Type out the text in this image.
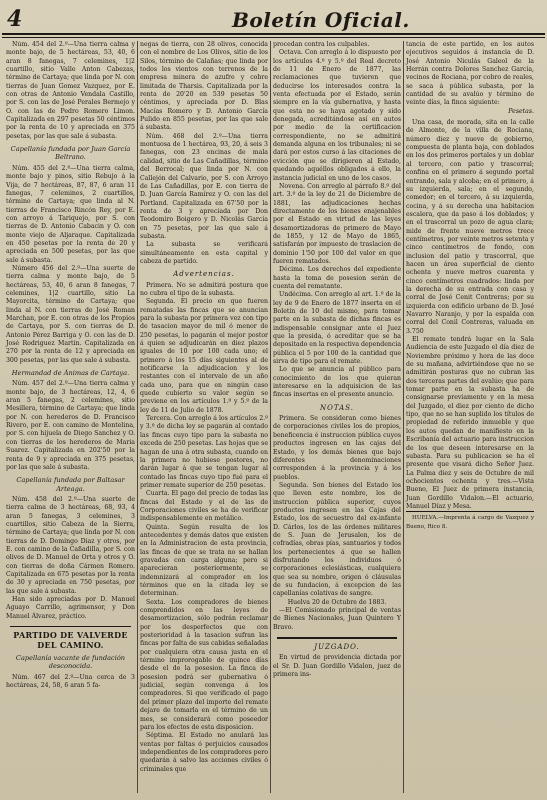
4	Boletín Oficial.

Núm. 454 del 2.º—Una tierra calma y monte bajo, de 5 hectáreas, 53, 40, 6 aran 8 fanegas, 7 celemines, 1|2 cuartillo, sitio Valle Anton Cabezas, término de Cartaya; que linda por N. con tierras de Juan Gomez Vazquez, por E. con otras de Antonio Vendala Castillo, por S. con las de José Perales Bermejo y O. con las de Pedro Romero Limon. Capitalizada en 297 pesetas 50 céntimos por la renta de 10 y apreciada en 375 pesetas, por las que sale á subasta.

Capellanía fundada por Juan García Beltrano.

Núm. 455 del 2.º—Una tierra calma, monte bajo y pinos, sitio Rebujo á la Vija, de 7 hectáreas, 87, 87, 6 aran 11 fanegas, 7 celemines, 2 cuartillos, término de Cartaya; que linda al N. tierras de Francisco Rincón Rey, por E. con arroyo á Tariquejo, por S. con tierras de D. Antonio Cabacin y O. con monte viejo de Aljaraque. Capitalizada en 450 pesetas por la renta de 20 y apreciada en 500 pesetas, por las que sale á subasta.

Número 456 del 2.º—Una suerte de tierra calma y monte bajo, de 5 hectáreas, 53, 40, 6 aran 8 fanegas, 7 celemines, 1|2 cuartillo, sitio La Mayorcita, término de Cartaya; que linda al N. con tierras de José Roman Marchan, por E. con otras de los Propios de Cartaya, por S. con tierras de D. Antonio Pérez Barriga y O. con las de D. José Rodriguez Martin. Capitalizada en 270 por la renta de 12 y apreciada en 300 pesetas, por las que sale á subasta.

Hermandad de Ánimas de Cartaya.

Núm. 457 del 2.º—Una tierra calma y monte bajo, de 3 hectáreas, 12, 4, 6 aran 5 fanegas, 2 celemines, sitio Mesillera, término de Cartaya; que linda por N. con herederos de D. Francisco Rivero, por E. con camino de Montelina, por S. con hijuela de Diego Sanchez y O. con tierras de los herederos de Maria Suarez. Capitalizada en 202'50 por la renta de 9 y apreciada en 375 pesetas, por las que sale á subasta.

Capellanía fundada por Baltasar Arteaga.

Núm. 458 del 2.º—Una suerte de tierra calma de 3 hectáreas, 68, 93, 4 aran 5 fanegas, 3 celemines, 3 cuartillos, sitio Cabeza de la Sierra, término de Cartaya; que linda por N. con tierras de D. Domingo Diaz y otros, por E. con camino de la Cañadilla, por S. con olivos de D. Manuel de Orta y otros y O. con tierras de doña Cármen Romero. Capitalizada en 675 pesetas por la renta de 30 y apreciada en 750 pesetas, por las que sale á subasta.

Han sido apreciadas por D. Manuel Aguayo Carrillo, agrimensor, y Don Manuel Álvarez, práctico.

PARTIDO DE VALVERDE DEL CAMINO.

Capellanía vacante de fundación desconocida.

Núm. 467 del 2.º—Una cerca de 3 hectáreas, 24, 58, 6 aran 5 fa-

negas de tierra, con 28 olivos, conocida con el nombre de Los Olivos, sitio de los Silos, término de Calañas; que linda por todos los vientos con terrenos de la empresa minera de azufre y cobre limitada de Tharsis. Capitalizada por la renta de 20'20 en 539 pesetas 50 céntimos, y apreciada por D. Blas Macías Romero y D. Antonio García Pulido en 855 pesetas, por las que sale á subasta.

Núm. 468 del 2.º—Una tierra montuosa de 1 hectárea, 93, 20, á seis 3 fanegas, con 23 encinas de mala calidad, sitio de Las Cañadillas, término del Berrocal; que linda por N. con Callejón del Calvario, por S. con Arroyo de Las Cañadillas, por E. con tierra de D. Juan García Ramírez y O. con las del Portland. Capitalizada en 67'50 por la renta de 3 y apreciada por Don Teodomiro Boigero y D. Nicolás García en 75 pesetas, por las que sale á subasta.

La subasta se verificará simultáneamente en esta capital y cabeza de partido.

Advertencias.

Primera. No se admitirá postura que no cubra el tipo de la subasta.

Segunda. El precio en que fueren rematadas las fincas que se anuncian para la subasta por primera vez con tipo de tasacion mayor de mil ó menor de 250 pesetas, lo pagarán el mejor postor á quien se adjudicarán en diez plazos iguales de 10 por 100 cada uno; el primero á los 15 días siguientes al de notificarse la adjudicacion y los restantes con el intervalo de un año cada uno, para que en ningún caso quede cubierto su valor según se previene en los artículos 1.º y 5.º de la ley de 11 de Julio de 1878.

Tercera. Con arreglo á los artículos 2.º y 3.º de dicha ley se pagarán al contado las fincas cuyo tipo para la subasta no exceda de 250 pesetas. Las hojas que se hagan de una á otra subasta, cuando en la primera no hubiese postores, no darán lugar á que se tengan lugar al contado las fincas cuyo tipo fué para el primer remate superior de 250 pesetas.

Cuarta. El pago del precio de todas las fincas del Estado y el de las de Corporaciones civiles se ha de verificar indispensablemente en metálico.

Quinta. Según resulta de los antecedentes y demás datos que existen en la Administracion de esta provincia, las fincas de que se trata no se hallan gravadas con carga alguna; pero si aparecieran posteriormente, se indemnizará al comprador en los términos que en la citada ley se determinan.

Sexta. Los compradores de bienes comprendidos en las leyes de desamortizacion, sólo podrán reclamar por los desperfectos que con posterioridad á la tasacion sufran las fincas por falta de sus cabidas señaladas por cualquiera otra causa justa en el término improrogable de quince días desde el de la posesion. La finca de posesion podrá ser gubernativa ó judicial, según convenga á los compradores. Si que verificado el pago del primer plazo del importe del remate dejare de tomarla en el término de un mes, se considerará como poseedor para los efectos de esta disposicion.

Séptima. El Estado no anulará las ventas por faltas ó perjuicios causados independientes de los compradores pero quedarán á salvo las acciones civiles ó criminales que

procedan contra los culpables.

Octava. Con arreglo á lo dispuesto por los artículos 4.º y 5.º del Real decreto de 11 de Enero de 1877, las reclamaciones que tuvieren que deducirse los interesados contra la venta efectuada por el Estado, serán siempre en la vía gubernativa, y hasta que esta no se haya agotado y sido denegada, acreditándose así en autos por medio de la certificacion correspondiente, no se admitirá demanda alguna en los tribunales; ni se dará por estos curso á las citaciones de evicción que se dirigieren al Estado, quedando aquéllos obligados á ello, la instancia judicial en uno de los casos.

Novena. Con arreglo al párrafo 8.º del art. 3.º de la ley de 21 de Diciembre de 1881, las adjudicaciones hechas directamente de los bienes enajenables por el Estado en virtud de las leyes desamortizadoras de primero de Mayo de 1855, y 12 de Mayo de 1865, satisfarán por impuesto de traslacion de dominio 1'50 por 100 del valor en que fueren rematados.

Décima. Los derechos del expediente hasta la toma de posesion serán de cuenta del rematante.

Undécima. Con arreglo al art. 1.º de la ley de 9 de Enero de 1877 inserta en el Boletín de 10 del mismo, para tomar parte en la subasta de dichas fincas es indispensable consignar ante el Juez que la presida, ó acreditar que se ha depositado en la respectiva dependencia pública el 5 por 100 de la cantidad que sirva de tipo para el remate.

Lo que se anuncia al público para conocimiento de los que quieran interesarse en la adquisicion de las fincas insertas en el presente anuncio.

NOTAS.

Primera. Se consideran como bienes de corporaciones civiles los de propios, beneficencia é instruccion pública cuyos productos ingresen en las cajas del Estado, y los demás bienes que bajo diferentes denominaciones corresponden á la provincia y á los pueblos.

Segunda. Son bienes del Estado los que lleven este nombre, los de instruccion pública superior, cuyos productos ingresen en las Cajas del Estado, los de secuestro del ex-infante D. Cárlos, los de las órdenes militares de S. Juan de Jerusalen, los de cofradías, obras pías, santuarios y todos los pertenecientes á que se hallen disfrutando los individuos ó corporaciones eclesiásticas, cualquiera que sea su nombre, origen ó cláusulas de su fundacion, á excepcion de las capellanías colativas de sangre.

Huelva 20 de Octubre de 1883.

—El Comisionado principal de ventas de Bienes Nacionales, Juan Quintero Y Bravo.

JUZGADO.

En virtud de providencia dictada por el Sr. D. Juan Gordillo Vidalon, juez de primera ins-

tancia de este partido, en los autos ejecutivos seguidos á instancia de D. José Antonio Niculás Galeol de la Herrán contra Dolores Sanchez García, vecinos de Rociana, por cobro de reales, se saca á pública subasta, por la cantidad de su avalúo y término de veinte días, la finca siguiente:

Pesetas.

Una casa, de morada, sita en la calle de Almonte, de la villa de Rociana, número diez y nueve de gobierno, compuesta de planta baja, con doblados en los dos primeros portales y un doblar al tercero, con patio y trascorral; confina en el primero á segundo portal entrando, sala y alcoba; en el primero, á su izquierda, sala; en el segundo, comedor; en el tercero, á su izquierda, cocina, y á su derecha una habitacion escalera, que da paso á los doblados; y en el trascorral un pozo de agua clara; mide de frente nueve metros trece centímetros, por veinte metros setenta y cinco centímetros de fondo, con inclusion del patio y trascorral, que hacen un área superficial de ciento ochenta y nueve metros cuarenta y cinco centímetros cuadrados: linda por la derecha de su entrada con casa y corral de José Cenit Contreras; por su izquierda con edificio urbano de D. José Navarro Naranjo, y por la espalda con corral del Conil Contreras, valuada en 3.750

El remate tendrá lugar en la Sala Audiencia de este Juzgado el día diez de Noviembre próximo y hora de las doce de su mañana, advirtiéndose que no se admitirán posturas que no cubran las dos terceras partes del avalúo; que para tomar parte en la subasta ha de consignarse previamente y en la mesa del Juzgado, el diez por ciento de dicho tipo, que no se han suplido los títulos de propiedad de referido inmueble y que los autos quedan de manifiesto en la Escribanía del actuario para instruccion de los que deseen interesarse en la subasta. Para su publicacion se ha el presente que visará dicho Señor Juez. La Palma diez y seis de Octubre de mil ochocientos ochenta y tres.—Vista Bueno, El Juez de primera instancia, Juan Gordillo Vidalon.—El actuario, Manuel Díaz y Mesa.

HUELVA.—Imprenta á cargo de Vazquez y Bueno, Rico 8.
